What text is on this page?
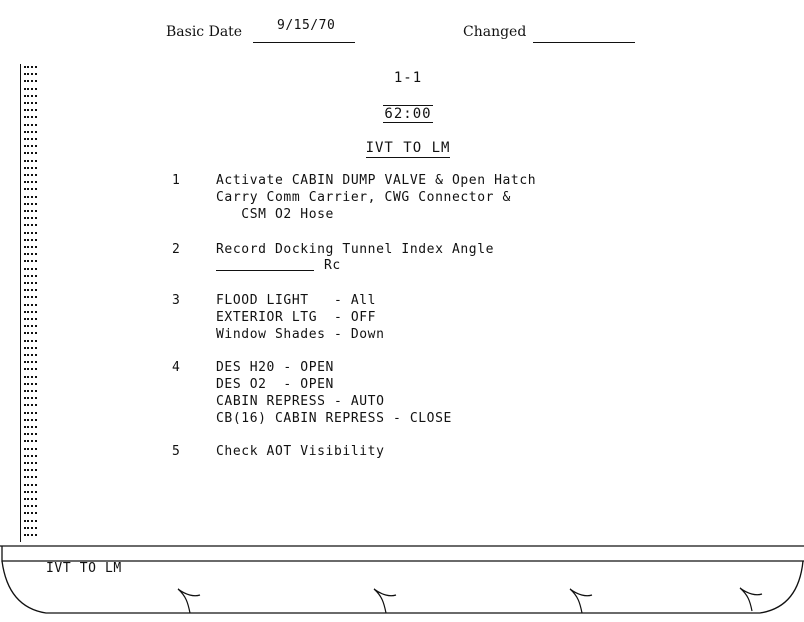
Basic Date	9/15/70	Changed
1-1
62:00
IVT TO LM
1	Activate CABIN DUMP VALVE & Open Hatch
Carry Comm Carrier, CWG Connector &
CSM O2 Hose
2	Record Docking Tunnel Index Angle
Rc
3	FLOOD LIGHT   - All
EXTERIOR LTG  - OFF
Window Shades - Down
4	DES H20 - OPEN
DES O2  - OPEN
CABIN REPRESS - AUTO
CB(16) CABIN REPRESS - CLOSE
5	Check AOT Visibility
IVT TO LM
